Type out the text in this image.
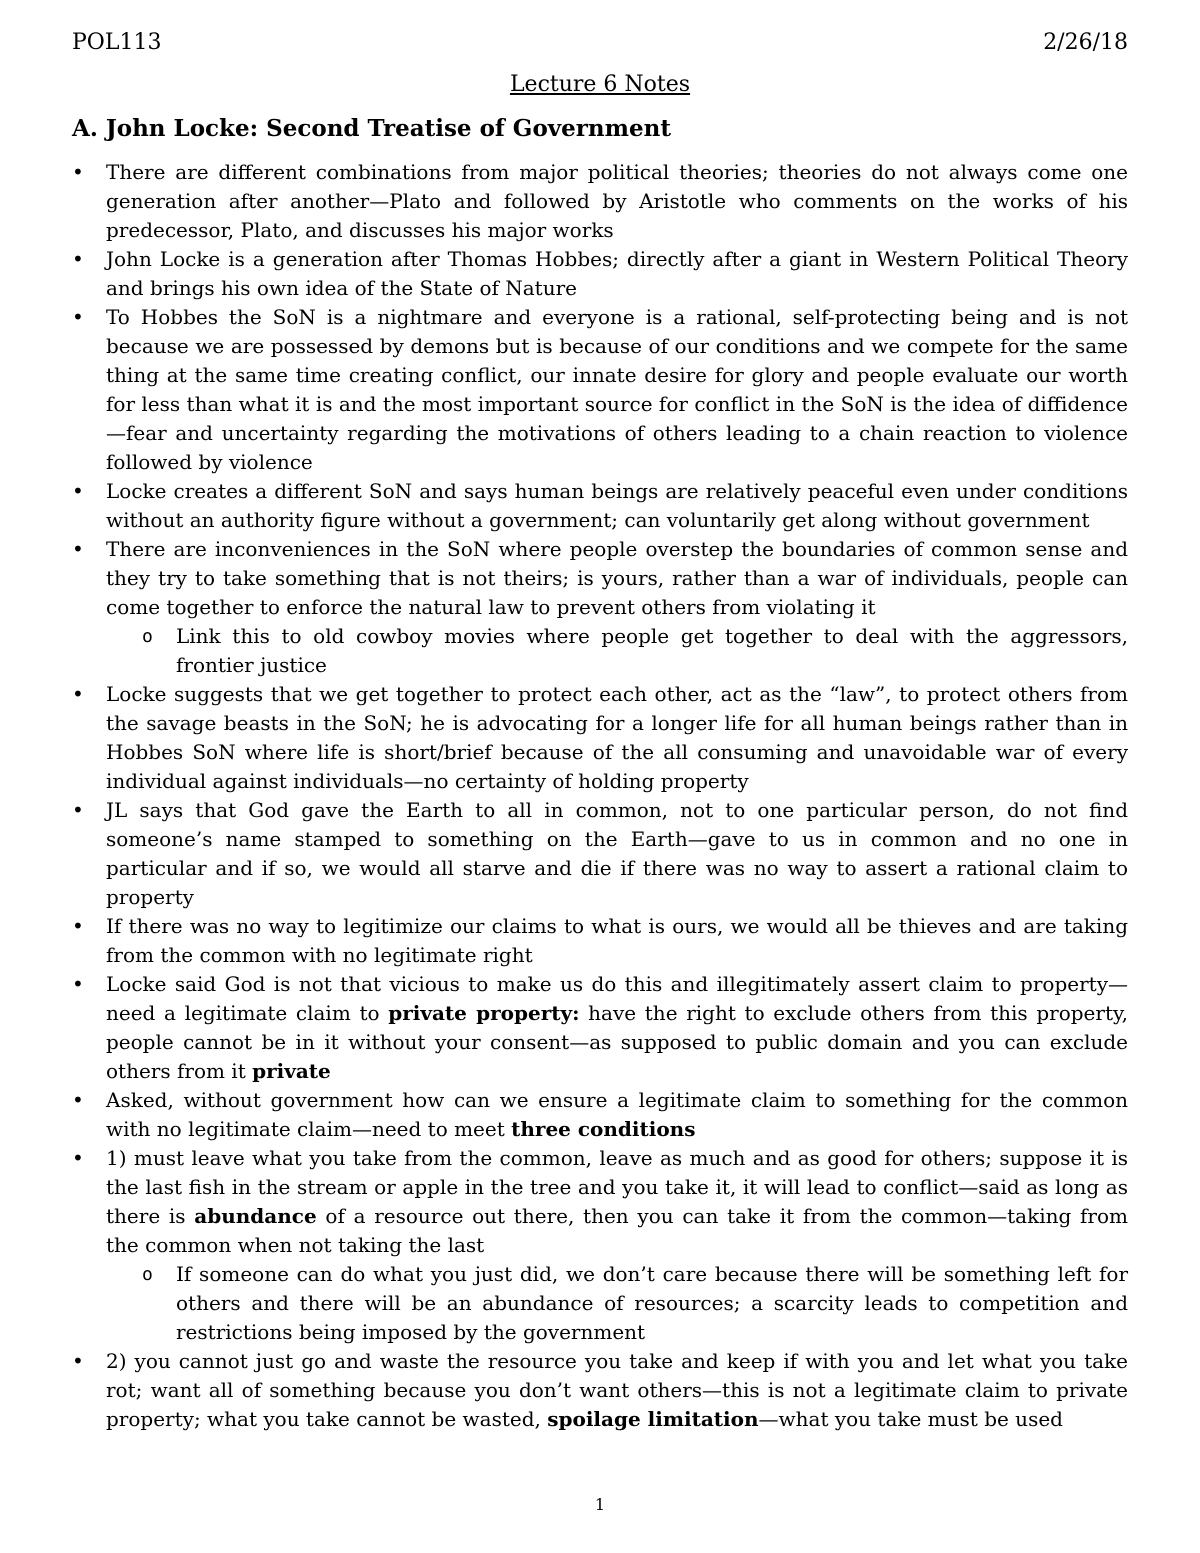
POL113	2/26/18
Lecture 6 Notes
A. John Locke: Second Treatise of Government
• There are different combinations from major political theories; theories do not always come one generation after another—Plato and followed by Aristotle who comments on the works of his predecessor, Plato, and discusses his major works
• John Locke is a generation after Thomas Hobbes; directly after a giant in Western Political Theory and brings his own idea of the State of Nature
• To Hobbes the SoN is a nightmare and everyone is a rational, self-protecting being and is not because we are possessed by demons but is because of our conditions and we compete for the same thing at the same time creating conflict, our innate desire for glory and people evaluate our worth for less than what it is and the most important source for conflict in the SoN is the idea of diffidence—fear and uncertainty regarding the motivations of others leading to a chain reaction to violence followed by violence
• Locke creates a different SoN and says human beings are relatively peaceful even under conditions without an authority figure without a government; can voluntarily get along without government
• There are inconveniences in the SoN where people overstep the boundaries of common sense and they try to take something that is not theirs; is yours, rather than a war of individuals, people can come together to enforce the natural law to prevent others from violating it
o Link this to old cowboy movies where people get together to deal with the aggressors, frontier justice
• Locke suggests that we get together to protect each other, act as the “law”, to protect others from the savage beasts in the SoN; he is advocating for a longer life for all human beings rather than in Hobbes SoN where life is short/brief because of the all consuming and unavoidable war of every individual against individuals—no certainty of holding property
• JL says that God gave the Earth to all in common, not to one particular person, do not find someone’s name stamped to something on the Earth—gave to us in common and no one in particular and if so, we would all starve and die if there was no way to assert a rational claim to property
• If there was no way to legitimize our claims to what is ours, we would all be thieves and are taking from the common with no legitimate right
• Locke said God is not that vicious to make us do this and illegitimately assert claim to property—need a legitimate claim to private property: have the right to exclude others from this property, people cannot be in it without your consent—as supposed to public domain and you can exclude others from it private
• Asked, without government how can we ensure a legitimate claim to something for the common with no legitimate claim—need to meet three conditions
• 1) must leave what you take from the common, leave as much and as good for others; suppose it is the last fish in the stream or apple in the tree and you take it, it will lead to conflict—said as long as there is abundance of a resource out there, then you can take it from the common—taking from the common when not taking the last
o If someone can do what you just did, we don’t care because there will be something left for others and there will be an abundance of resources; a scarcity leads to competition and restrictions being imposed by the government
• 2) you cannot just go and waste the resource you take and keep if with you and let what you take rot; want all of something because you don’t want others—this is not a legitimate claim to private property; what you take cannot be wasted, spoilage limitation—what you take must be used
1
